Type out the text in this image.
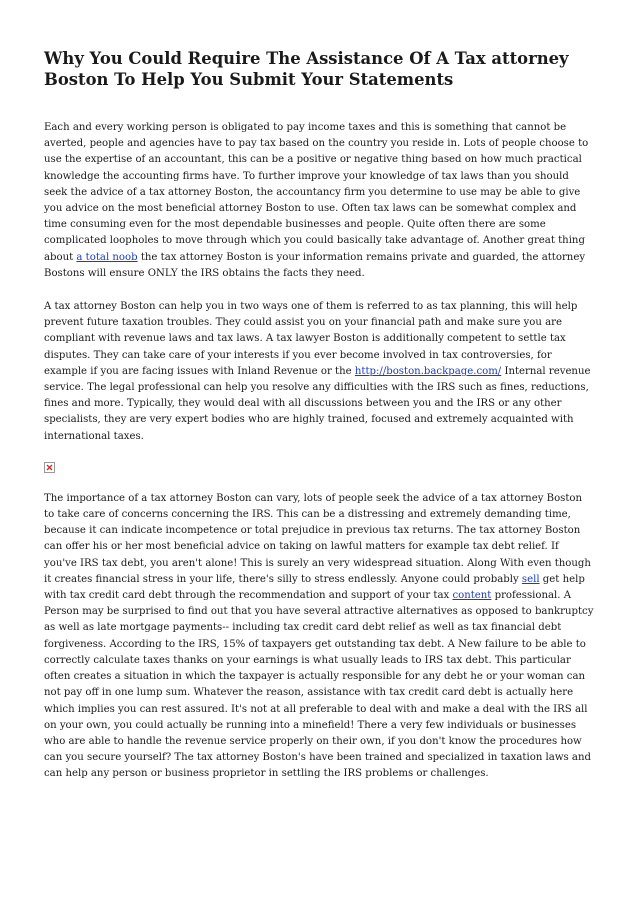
Why You Could Require The Assistance Of A Tax attorney Boston To Help You Submit Your Statements

Each and every working person is obligated to pay income taxes and this is something that cannot be averted, people and agencies have to pay tax based on the country you reside in. Lots of people choose to use the expertise of an accountant, this can be a positive or negative thing based on how much practical knowledge the accounting firms have. To further improve your knowledge of tax laws than you should seek the advice of a tax attorney Boston, the accountancy firm you determine to use may be able to give you advice on the most beneficial attorney Boston to use. Often tax laws can be somewhat complex and time consuming even for the most dependable businesses and people. Quite often there are some complicated loopholes to move through which you could basically take advantage of. Another great thing about a total noob the tax attorney Boston is your information remains private and guarded, the attorney Bostons will ensure ONLY the IRS obtains the facts they need.

A tax attorney Boston can help you in two ways one of them is referred to as tax planning, this will help prevent future taxation troubles. They could assist you on your financial path and make sure you are compliant with revenue laws and tax laws. A tax lawyer Boston is additionally competent to settle tax disputes. They can take care of your interests if you ever become involved in tax controversies, for example if you are facing issues with Inland Revenue or the http://boston.backpage.com/ Internal revenue service. The legal professional can help you resolve any difficulties with the IRS such as fines, reductions, fines and more. Typically, they would deal with all discussions between you and the IRS or any other specialists, they are very expert bodies who are highly trained, focused and extremely acquainted with international taxes.

The importance of a tax attorney Boston can vary, lots of people seek the advice of a tax attorney Boston to take care of concerns concerning the IRS. This can be a distressing and extremely demanding time, because it can indicate incompetence or total prejudice in previous tax returns. The tax attorney Boston can offer his or her most beneficial advice on taking on lawful matters for example tax debt relief. If you've IRS tax debt, you aren't alone! This is surely an very widespread situation. Along With even though it creates financial stress in your life, there's silly to stress endlessly. Anyone could probably sell get help with tax credit card debt through the recommendation and support of your tax content professional. A Person may be surprised to find out that you have several attractive alternatives as opposed to bankruptcy as well as late mortgage payments-- including tax credit card debt relief as well as tax financial debt forgiveness. According to the IRS, 15% of taxpayers get outstanding tax debt. A New failure to be able to correctly calculate taxes thanks on your earnings is what usually leads to IRS tax debt. This particular often creates a situation in which the taxpayer is actually responsible for any debt he or your woman can not pay off in one lump sum. Whatever the reason, assistance with tax credit card debt is actually here which implies you can rest assured. It's not at all preferable to deal with and make a deal with the IRS all on your own, you could actually be running into a minefield! There a very few individuals or businesses who are able to handle the revenue service properly on their own, if you don't know the procedures how can you secure yourself? The tax attorney Boston's have been trained and specialized in taxation laws and can help any person or business proprietor in settling the IRS problems or challenges.
